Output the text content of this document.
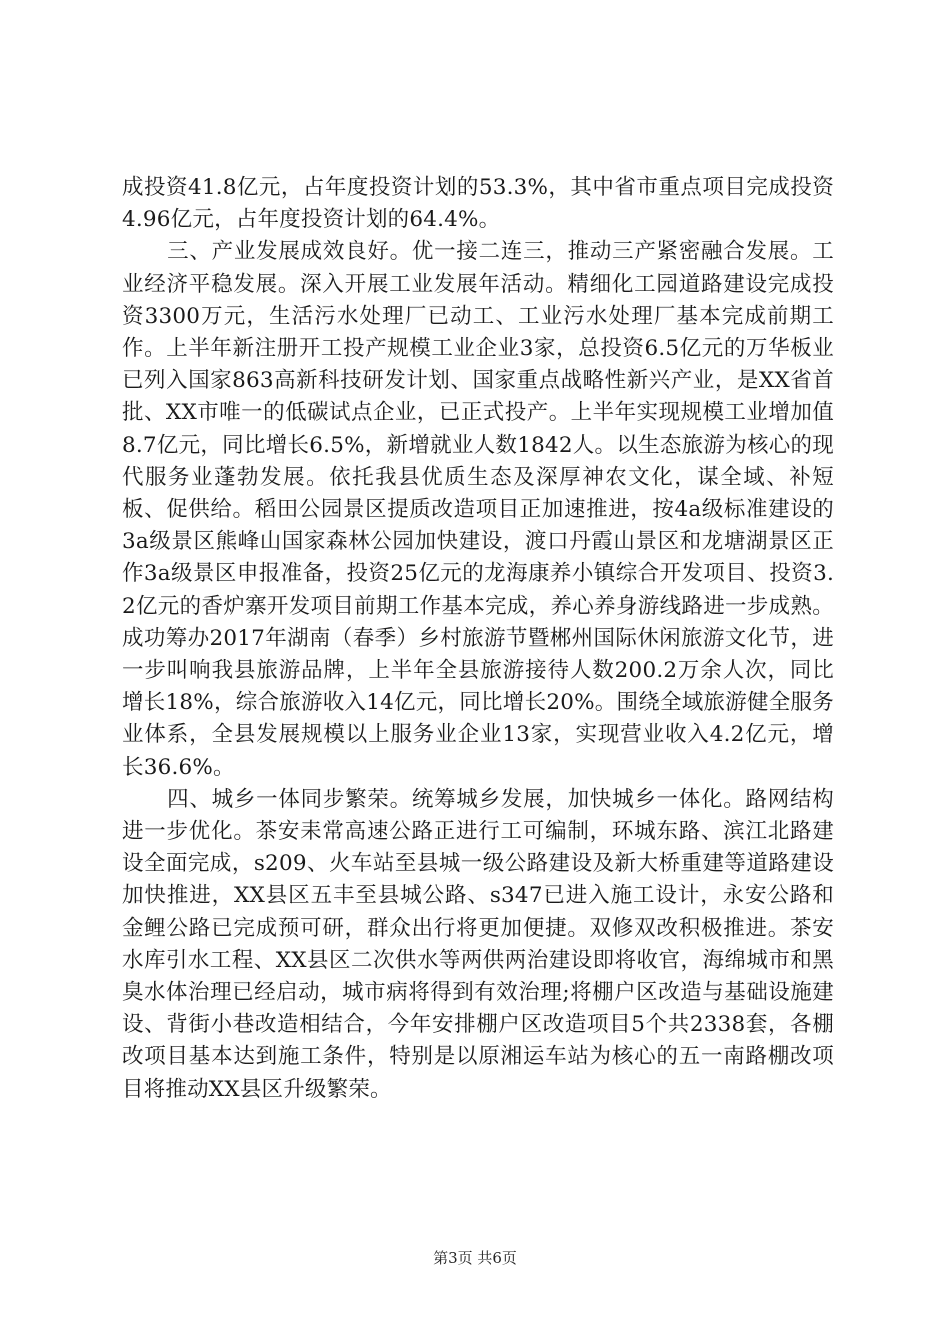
成投资41.8亿元，占年度投资计划的53.3%，其中省市重点项目完成投资4.96亿元，占年度投资计划的64.4%。

三、产业发展成效良好。优一接二连三，推动三产紧密融合发展。工业经济平稳发展。深入开展工业发展年活动。精细化工园道路建设完成投资3300万元，生活污水处理厂已动工、工业污水处理厂基本完成前期工作。上半年新注册开工投产规模工业企业3家，总投资6.5亿元的万华板业已列入国家863高新科技研发计划、国家重点战略性新兴产业，是XX省首批、XX市唯一的低碳试点企业，已正式投产。上半年实现规模工业增加值8.7亿元，同比增长6.5%，新增就业人数1842人。以生态旅游为核心的现代服务业蓬勃发展。依托我县优质生态及深厚神农文化，谋全域、补短板、促供给。稻田公园景区提质改造项目正加速推进，按4a级标准建设的3a级景区熊峰山国家森林公园加快建设，渡口丹霞山景区和龙塘湖景区正作3a级景区申报准备，投资25亿元的龙海康养小镇综合开发项目、投资3.2亿元的香炉寨开发项目前期工作基本完成，养心养身游线路进一步成熟。成功筹办2017年湖南（春季）乡村旅游节暨郴州国际休闲旅游文化节，进一步叫响我县旅游品牌，上半年全县旅游接待人数200.2万余人次，同比增长18%，综合旅游收入14亿元，同比增长20%。围绕全域旅游健全服务业体系，全县发展规模以上服务业企业13家，实现营业收入4.2亿元，增长36.6%。

四、城乡一体同步繁荣。统筹城乡发展，加快城乡一体化。路网结构进一步优化。茶安耒常高速公路正进行工可编制，环城东路、滨江北路建设全面完成，s209、火车站至县城一级公路建设及新大桥重建等道路建设加快推进，XX县区五丰至县城公路、s347已进入施工设计，永安公路和金鲤公路已完成预可研，群众出行将更加便捷。双修双改积极推进。茶安水库引水工程、XX县区二次供水等两供两治建设即将收官，海绵城市和黑臭水体治理已经启动，城市病将得到有效治理;将棚户区改造与基础设施建设、背街小巷改造相结合，今年安排棚户区改造项目5个共2338套，各棚改项目基本达到施工条件，特别是以原湘运车站为核心的五一南路棚改项目将推动XX县区升级繁荣。

第3页 共6页
